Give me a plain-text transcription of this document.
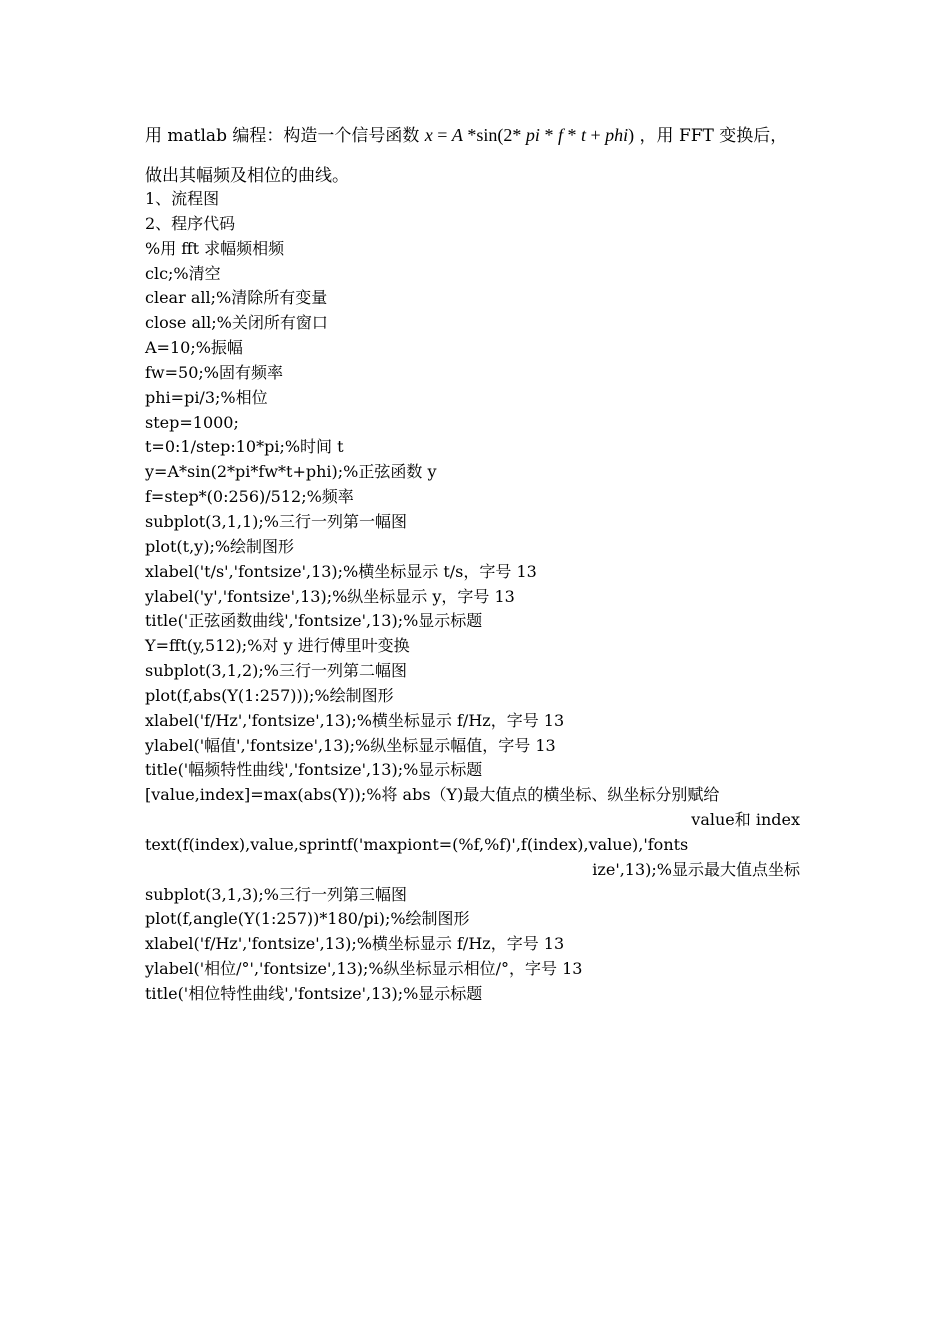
用 matlab 编程：构造一个信号函数 x = A *sin(2* pi * f * t + phi) ，用 FFT 变换后，
做出其幅频及相位的曲线。
1、流程图
2、程序代码
%用 fft 求幅频相频
clc;%清空
clear all;%清除所有变量
close all;%关闭所有窗口
A=10;%振幅
fw=50;%固有频率
phi=pi/3;%相位
step=1000;
t=0:1/step:10*pi;%时间 t
y=A*sin(2*pi*fw*t+phi);%正弦函数 y
f=step*(0:256)/512;%频率
subplot(3,1,1);%三行一列第一幅图
plot(t,y);%绘制图形
xlabel('t/s','fontsize',13);%横坐标显示 t/s，字号 13
ylabel('y','fontsize',13);%纵坐标显示 y，字号 13
title('正弦函数曲线','fontsize',13);%显示标题
Y=fft(y,512);%对 y 进行傅里叶变换
subplot(3,1,2);%三行一列第二幅图
plot(f,abs(Y(1:257)));%绘制图形
xlabel('f/Hz','fontsize',13);%横坐标显示 f/Hz，字号 13
ylabel('幅值','fontsize',13);%纵坐标显示幅值，字号 13
title('幅频特性曲线','fontsize',13);%显示标题
[value,index]=max(abs(Y));%将 abs（Y)最大值点的横坐标、纵坐标分别赋给
value和 index
text(f(index),value,sprintf('maxpiont=(%f,%f)',f(index),value),'fonts
ize',13);%显示最大值点坐标
subplot(3,1,3);%三行一列第三幅图
plot(f,angle(Y(1:257))*180/pi);%绘制图形
xlabel('f/Hz','fontsize',13);%横坐标显示 f/Hz，字号 13
ylabel('相位/°','fontsize',13);%纵坐标显示相位/°，字号 13
title('相位特性曲线','fontsize',13);%显示标题
